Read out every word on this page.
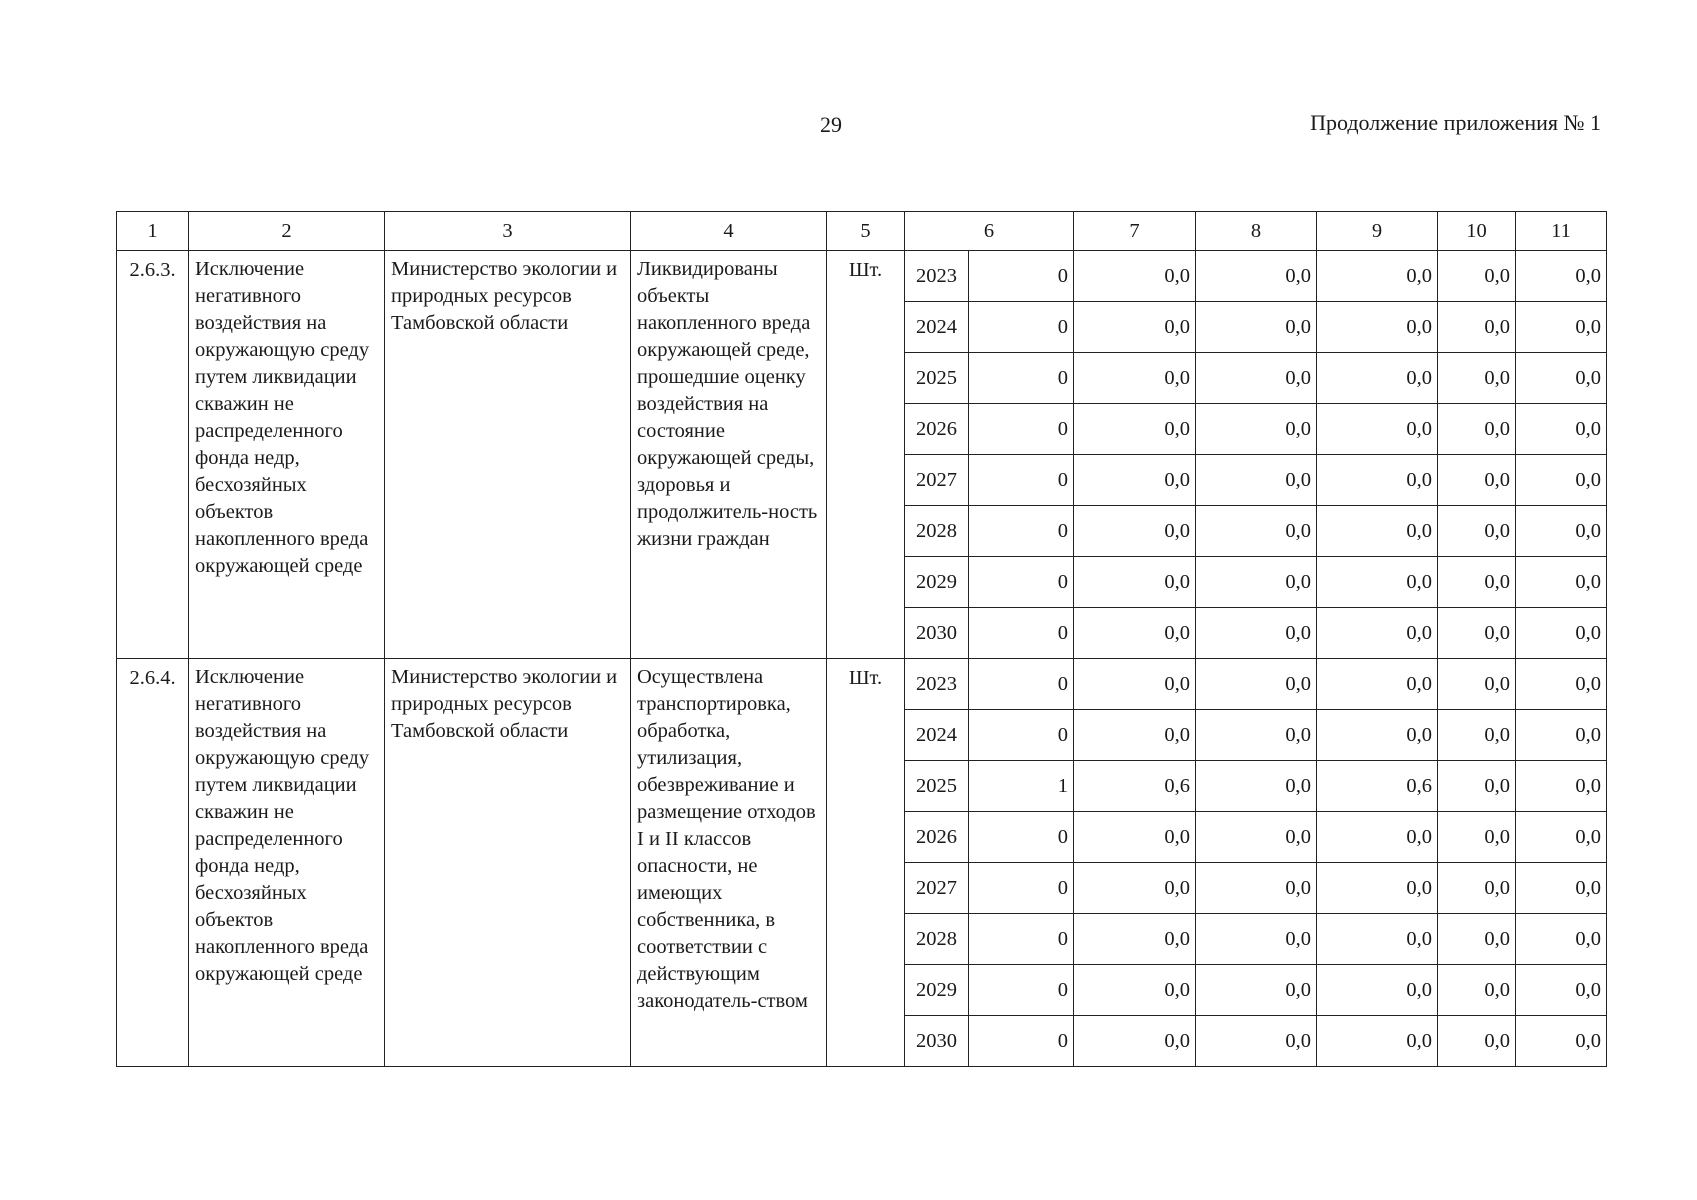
29	Продолжение приложения № 1
1	2	3	4	5	6		7	8	9	10	11
2.6.3.	Исключение негативного воздействия на окружающую среду путем ликвидации скважин не распределенного фонда недр, бесхозяйных объектов накопленного вреда окружающей среде	Министерство экологии и природных ресурсов Тамбовской области	Ликвидированы объекты накопленного вреда окружающей среде, прошедшие оценку воздействия на состояние окружающей среды, здоровья и продолжитель-ность жизни граждан	Шт.	2023	0	0,0	0,0	0,0	0,0	0,0
					2024	0	0,0	0,0	0,0	0,0	0,0
					2025	0	0,0	0,0	0,0	0,0	0,0
					2026	0	0,0	0,0	0,0	0,0	0,0
					2027	0	0,0	0,0	0,0	0,0	0,0
					2028	0	0,0	0,0	0,0	0,0	0,0
					2029	0	0,0	0,0	0,0	0,0	0,0
					2030	0	0,0	0,0	0,0	0,0	0,0
2.6.4.	Исключение негативного воздействия на окружающую среду путем ликвидации скважин не распределенного фонда недр, бесхозяйных объектов накопленного вреда окружающей среде	Министерство экологии и природных ресурсов Тамбовской области	Осуществлена транспортировка, обработка, утилизация, обезвреживание и размещение отходов I и II классов опасности, не имеющих собственника, в соответствии с действующим законодатель-ством	Шт.	2023	0	0,0	0,0	0,0	0,0	0,0
					2024	0	0,0	0,0	0,0	0,0	0,0
					2025	1	0,6	0,0	0,6	0,0	0,0
					2026	0	0,0	0,0	0,0	0,0	0,0
					2027	0	0,0	0,0	0,0	0,0	0,0
					2028	0	0,0	0,0	0,0	0,0	0,0
					2029	0	0,0	0,0	0,0	0,0	0,0
					2030	0	0,0	0,0	0,0	0,0	0,0
